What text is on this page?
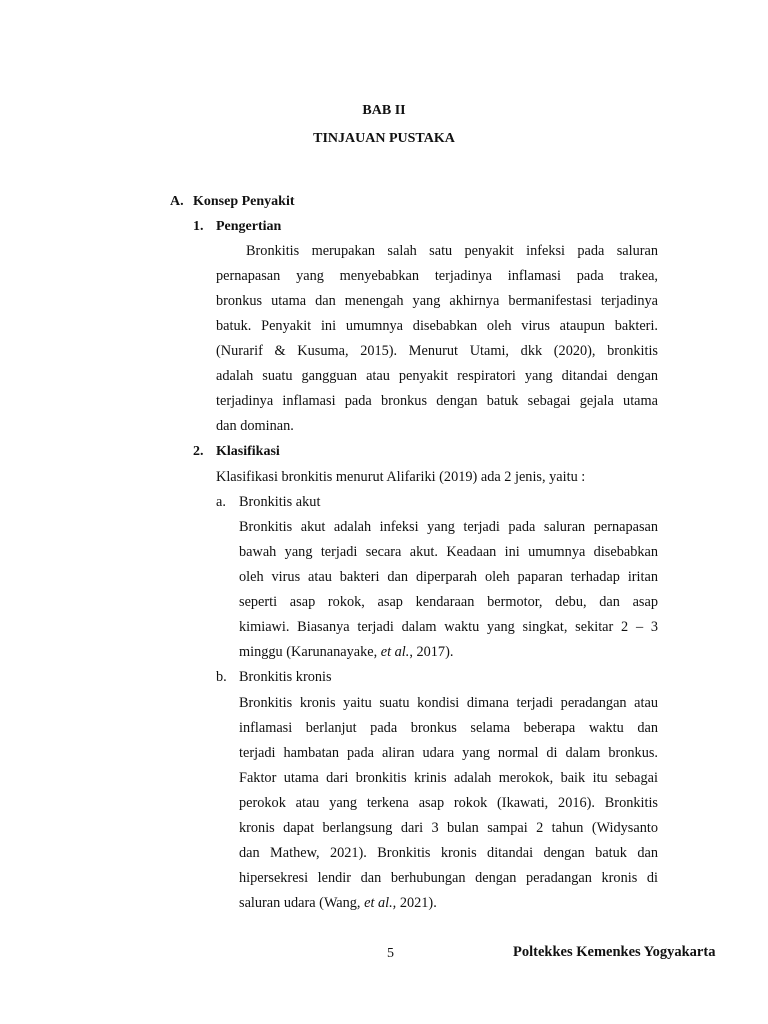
BAB II
TINJAUAN PUSTAKA
A. Konsep Penyakit
1. Pengertian
Bronkitis merupakan salah satu penyakit infeksi pada saluran
pernapasan yang menyebabkan terjadinya inflamasi pada trakea,
bronkus utama dan menengah yang akhirnya bermanifestasi terjadinya
batuk. Penyakit ini umumnya disebabkan oleh virus ataupun bakteri.
(Nurarif & Kusuma, 2015). Menurut Utami, dkk (2020), bronkitis
adalah suatu gangguan atau penyakit respiratori yang ditandai dengan
terjadinya inflamasi pada bronkus dengan batuk sebagai gejala utama
dan dominan.
2. Klasifikasi
Klasifikasi bronkitis menurut Alifariki (2019) ada 2 jenis, yaitu :
a. Bronkitis akut
Bronkitis akut adalah infeksi yang terjadi pada saluran pernapasan
bawah yang terjadi secara akut. Keadaan ini umumnya disebabkan
oleh virus atau bakteri dan diperparah oleh paparan terhadap iritan
seperti asap rokok, asap kendaraan bermotor, debu, dan asap
kimiawi. Biasanya terjadi dalam waktu yang singkat, sekitar 2 – 3
minggu (Karunanayake, et al., 2017).
b. Bronkitis kronis
Bronkitis kronis yaitu suatu kondisi dimana terjadi peradangan atau
inflamasi berlanjut pada bronkus selama beberapa waktu dan
terjadi hambatan pada aliran udara yang normal di dalam bronkus.
Faktor utama dari bronkitis krinis adalah merokok, baik itu sebagai
perokok atau yang terkena asap rokok (Ikawati, 2016). Bronkitis
kronis dapat berlangsung dari 3 bulan sampai 2 tahun (Widysanto
dan Mathew, 2021). Bronkitis kronis ditandai dengan batuk dan
hipersekresi lendir dan berhubungan dengan peradangan kronis di
saluran udara (Wang, et al., 2021).
5	Poltekkes Kemenkes Yogyakarta
